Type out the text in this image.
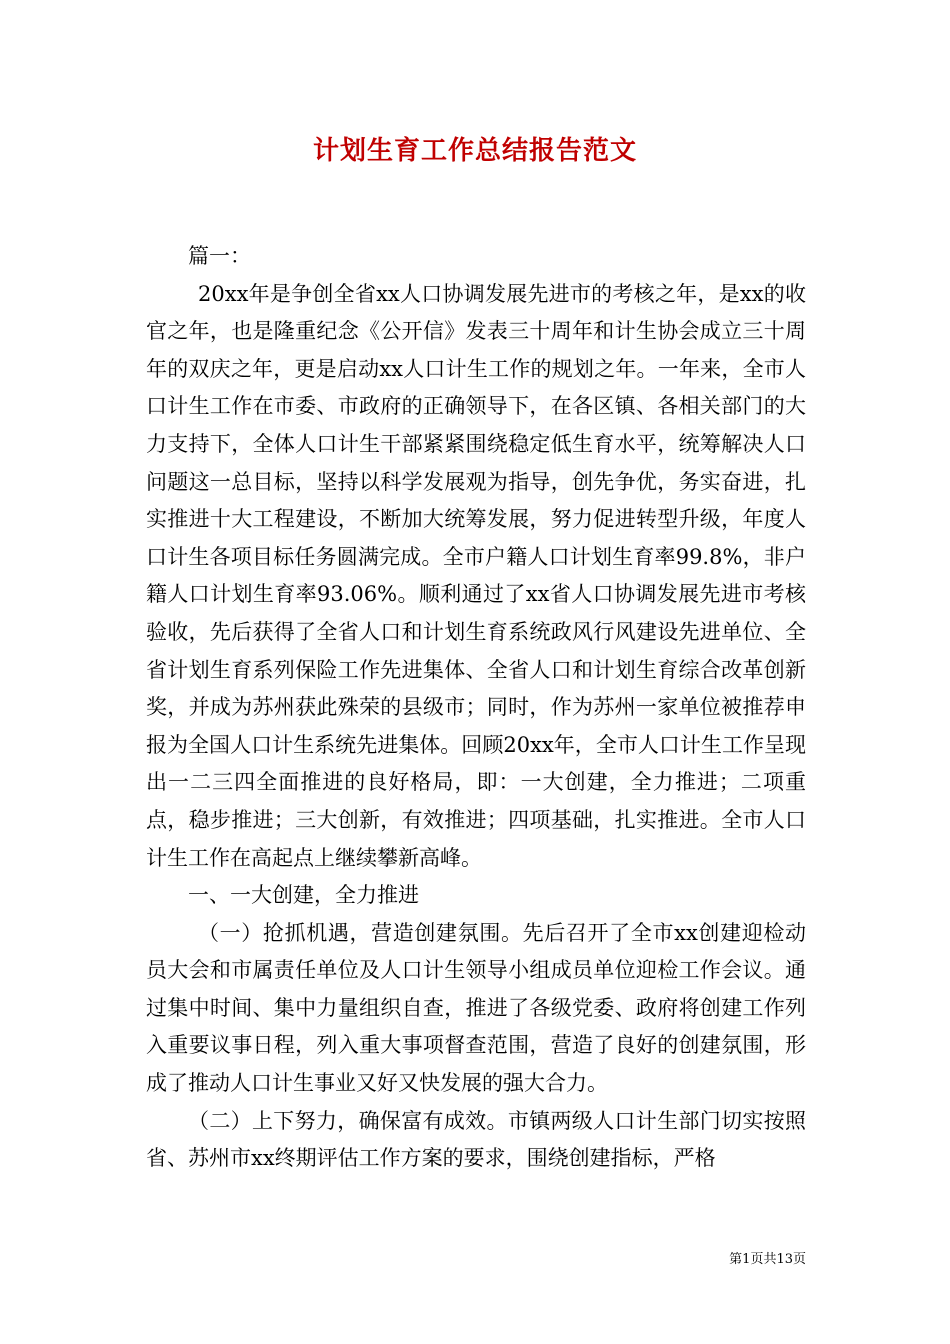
计划生育工作总结报告范文

篇一：

20xx年是争创全省xx人口协调发展先进市的考核之年，是xx的收官之年，也是隆重纪念《公开信》发表三十周年和计生协会成立三十周年的双庆之年，更是启动xx人口计生工作的规划之年。一年来，全市人口计生工作在市委、市政府的正确领导下，在各区镇、各相关部门的大力支持下，全体人口计生干部紧紧围绕稳定低生育水平，统筹解决人口问题这一总目标，坚持以科学发展观为指导，创先争优，务实奋进，扎实推进十大工程建设，不断加大统筹发展，努力促进转型升级，年度人口计生各项目标任务圆满完成。全市户籍人口计划生育率99.8%，非户籍人口计划生育率93.06%。顺利通过了xx省人口协调发展先进市考核验收，先后获得了全省人口和计划生育系统政风行风建设先进单位、全省计划生育系列保险工作先进集体、全省人口和计划生育综合改革创新奖，并成为苏州获此殊荣的县级市；同时，作为苏州一家单位被推荐申报为全国人口计生系统先进集体。回顾20xx年，全市人口计生工作呈现出一二三四全面推进的良好格局，即：一大创建，全力推进；二项重点，稳步推进；三大创新，有效推进；四项基础，扎实推进。全市人口计生工作在高起点上继续攀新高峰。

一、一大创建，全力推进

（一）抢抓机遇，营造创建氛围。先后召开了全市xx创建迎检动员大会和市属责任单位及人口计生领导小组成员单位迎检工作会议。通过集中时间、集中力量组织自查，推进了各级党委、政府将创建工作列入重要议事日程，列入重大事项督查范围，营造了良好的创建氛围，形成了推动人口计生事业又好又快发展的强大合力。

（二）上下努力，确保富有成效。市镇两级人口计生部门切实按照省、苏州市xx终期评估工作方案的要求，围绕创建指标，严格

第1页共13页
